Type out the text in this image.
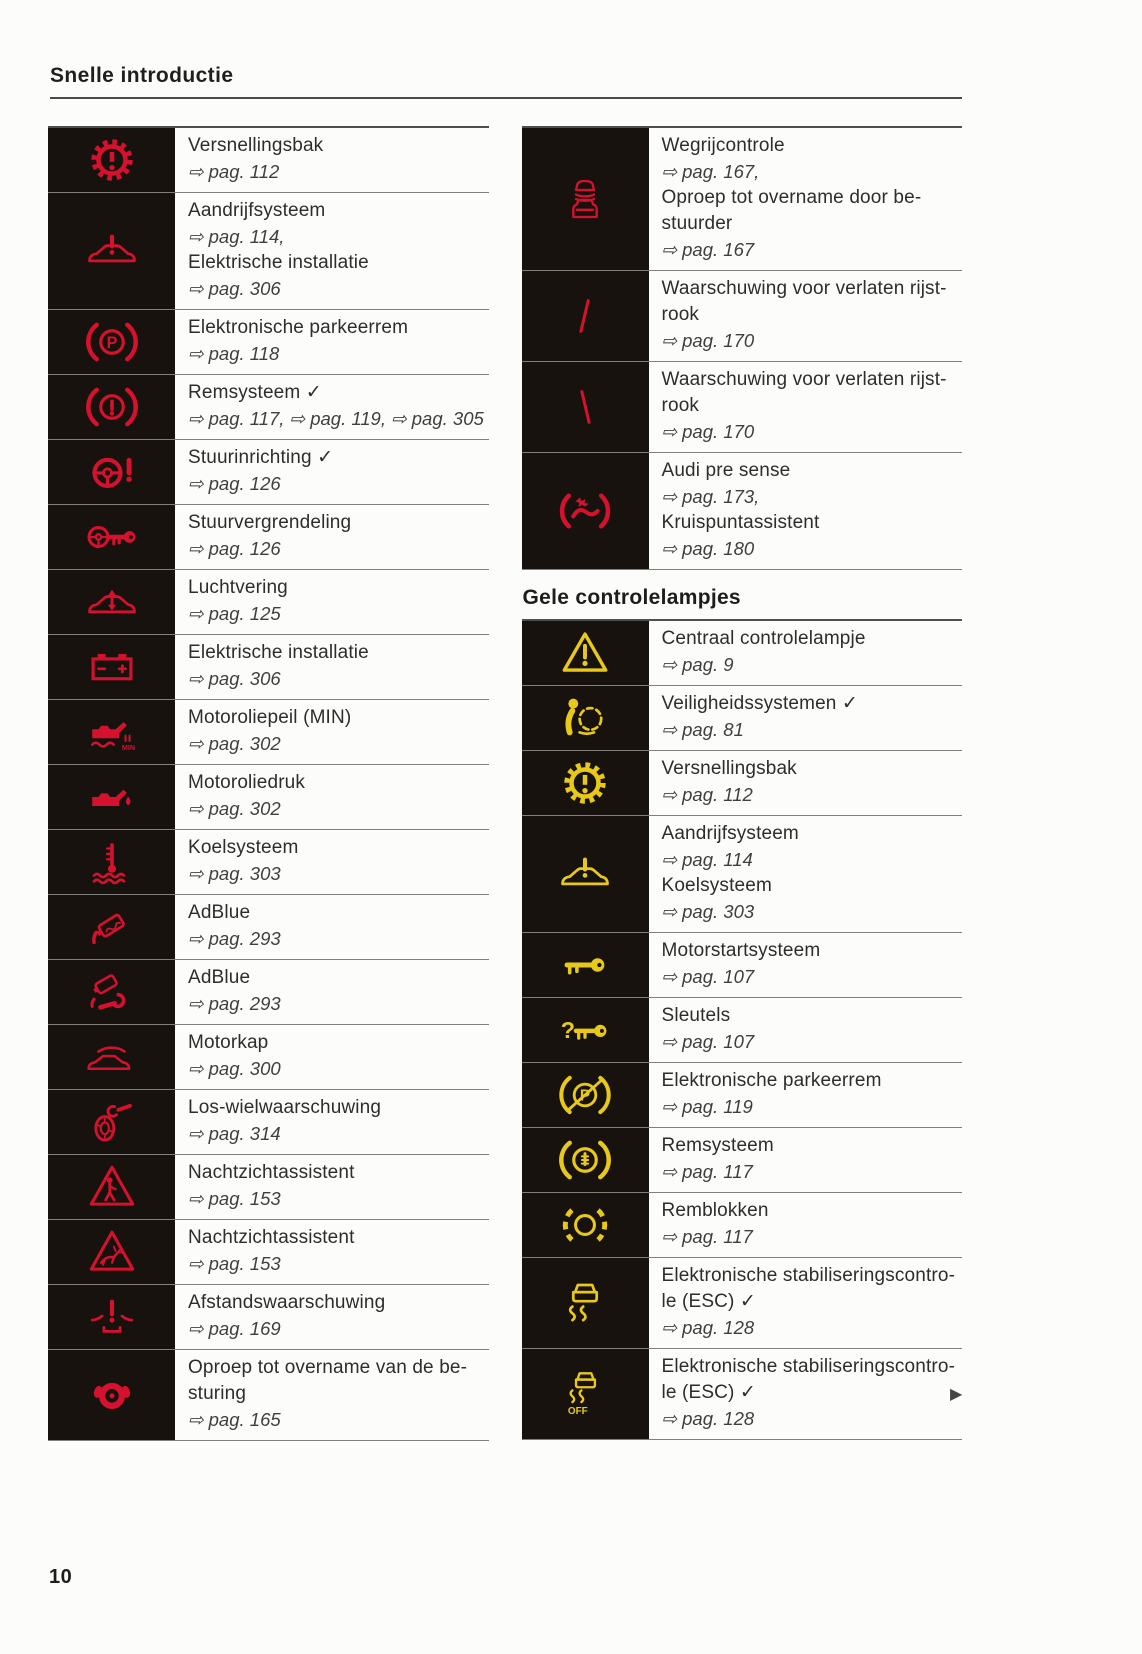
Snelle introductie
Versnellingsbak
⇨ pag. 112
Aandrijfsysteem
⇨ pag. 114,
Elektrische installatie
⇨ pag. 306
P
Elektronische parkeerrem
⇨ pag. 118
Remsysteem ✓
⇨ pag. 117, ⇨ pag. 119, ⇨ pag. 305
Stuurinrichting ✓
⇨ pag. 126
Stuurvergrendeling
⇨ pag. 126
Luchtvering
⇨ pag. 125
Elektrische installatie
⇨ pag. 306
MIN
Motoroliepeil (MIN)
⇨ pag. 302
Motoroliedruk
⇨ pag. 302
Koelsysteem
⇨ pag. 303
AdBlue
⇨ pag. 293
AdBlue
⇨ pag. 293
Motorkap
⇨ pag. 300
Los-wielwaarschuwing
⇨ pag. 314
Nachtzichtassistent
⇨ pag. 153
Nachtzichtassistent
⇨ pag. 153
Afstandswaarschuwing
⇨ pag. 169
Oproep tot overname van de be-
sturing
⇨ pag. 165
Wegrijcontrole
⇨ pag. 167,
Oproep tot overname door be-
stuurder
⇨ pag. 167
Waarschuwing voor verlaten rijst-
rook
⇨ pag. 170
Waarschuwing voor verlaten rijst-
rook
⇨ pag. 170
Audi pre sense
⇨ pag. 173,
Kruispuntassistent
⇨ pag. 180
Gele controlelampjes
Centraal controlelampje
⇨ pag. 9
Veiligheidssystemen ✓
⇨ pag. 81
Versnellingsbak
⇨ pag. 112
Aandrijfsysteem
⇨ pag. 114
Koelsysteem
⇨ pag. 303
Motorstartsysteem
⇨ pag. 107
?
Sleutels
⇨ pag. 107
P
Elektronische parkeerrem
⇨ pag. 119
Remsysteem
⇨ pag. 117
Remblokken
⇨ pag. 117
Elektronische stabiliseringscontro-
le (ESC) ✓
⇨ pag. 128
OFF
Elektronische stabiliseringscontro-
le (ESC) ✓
⇨ pag. 128
▶
10
